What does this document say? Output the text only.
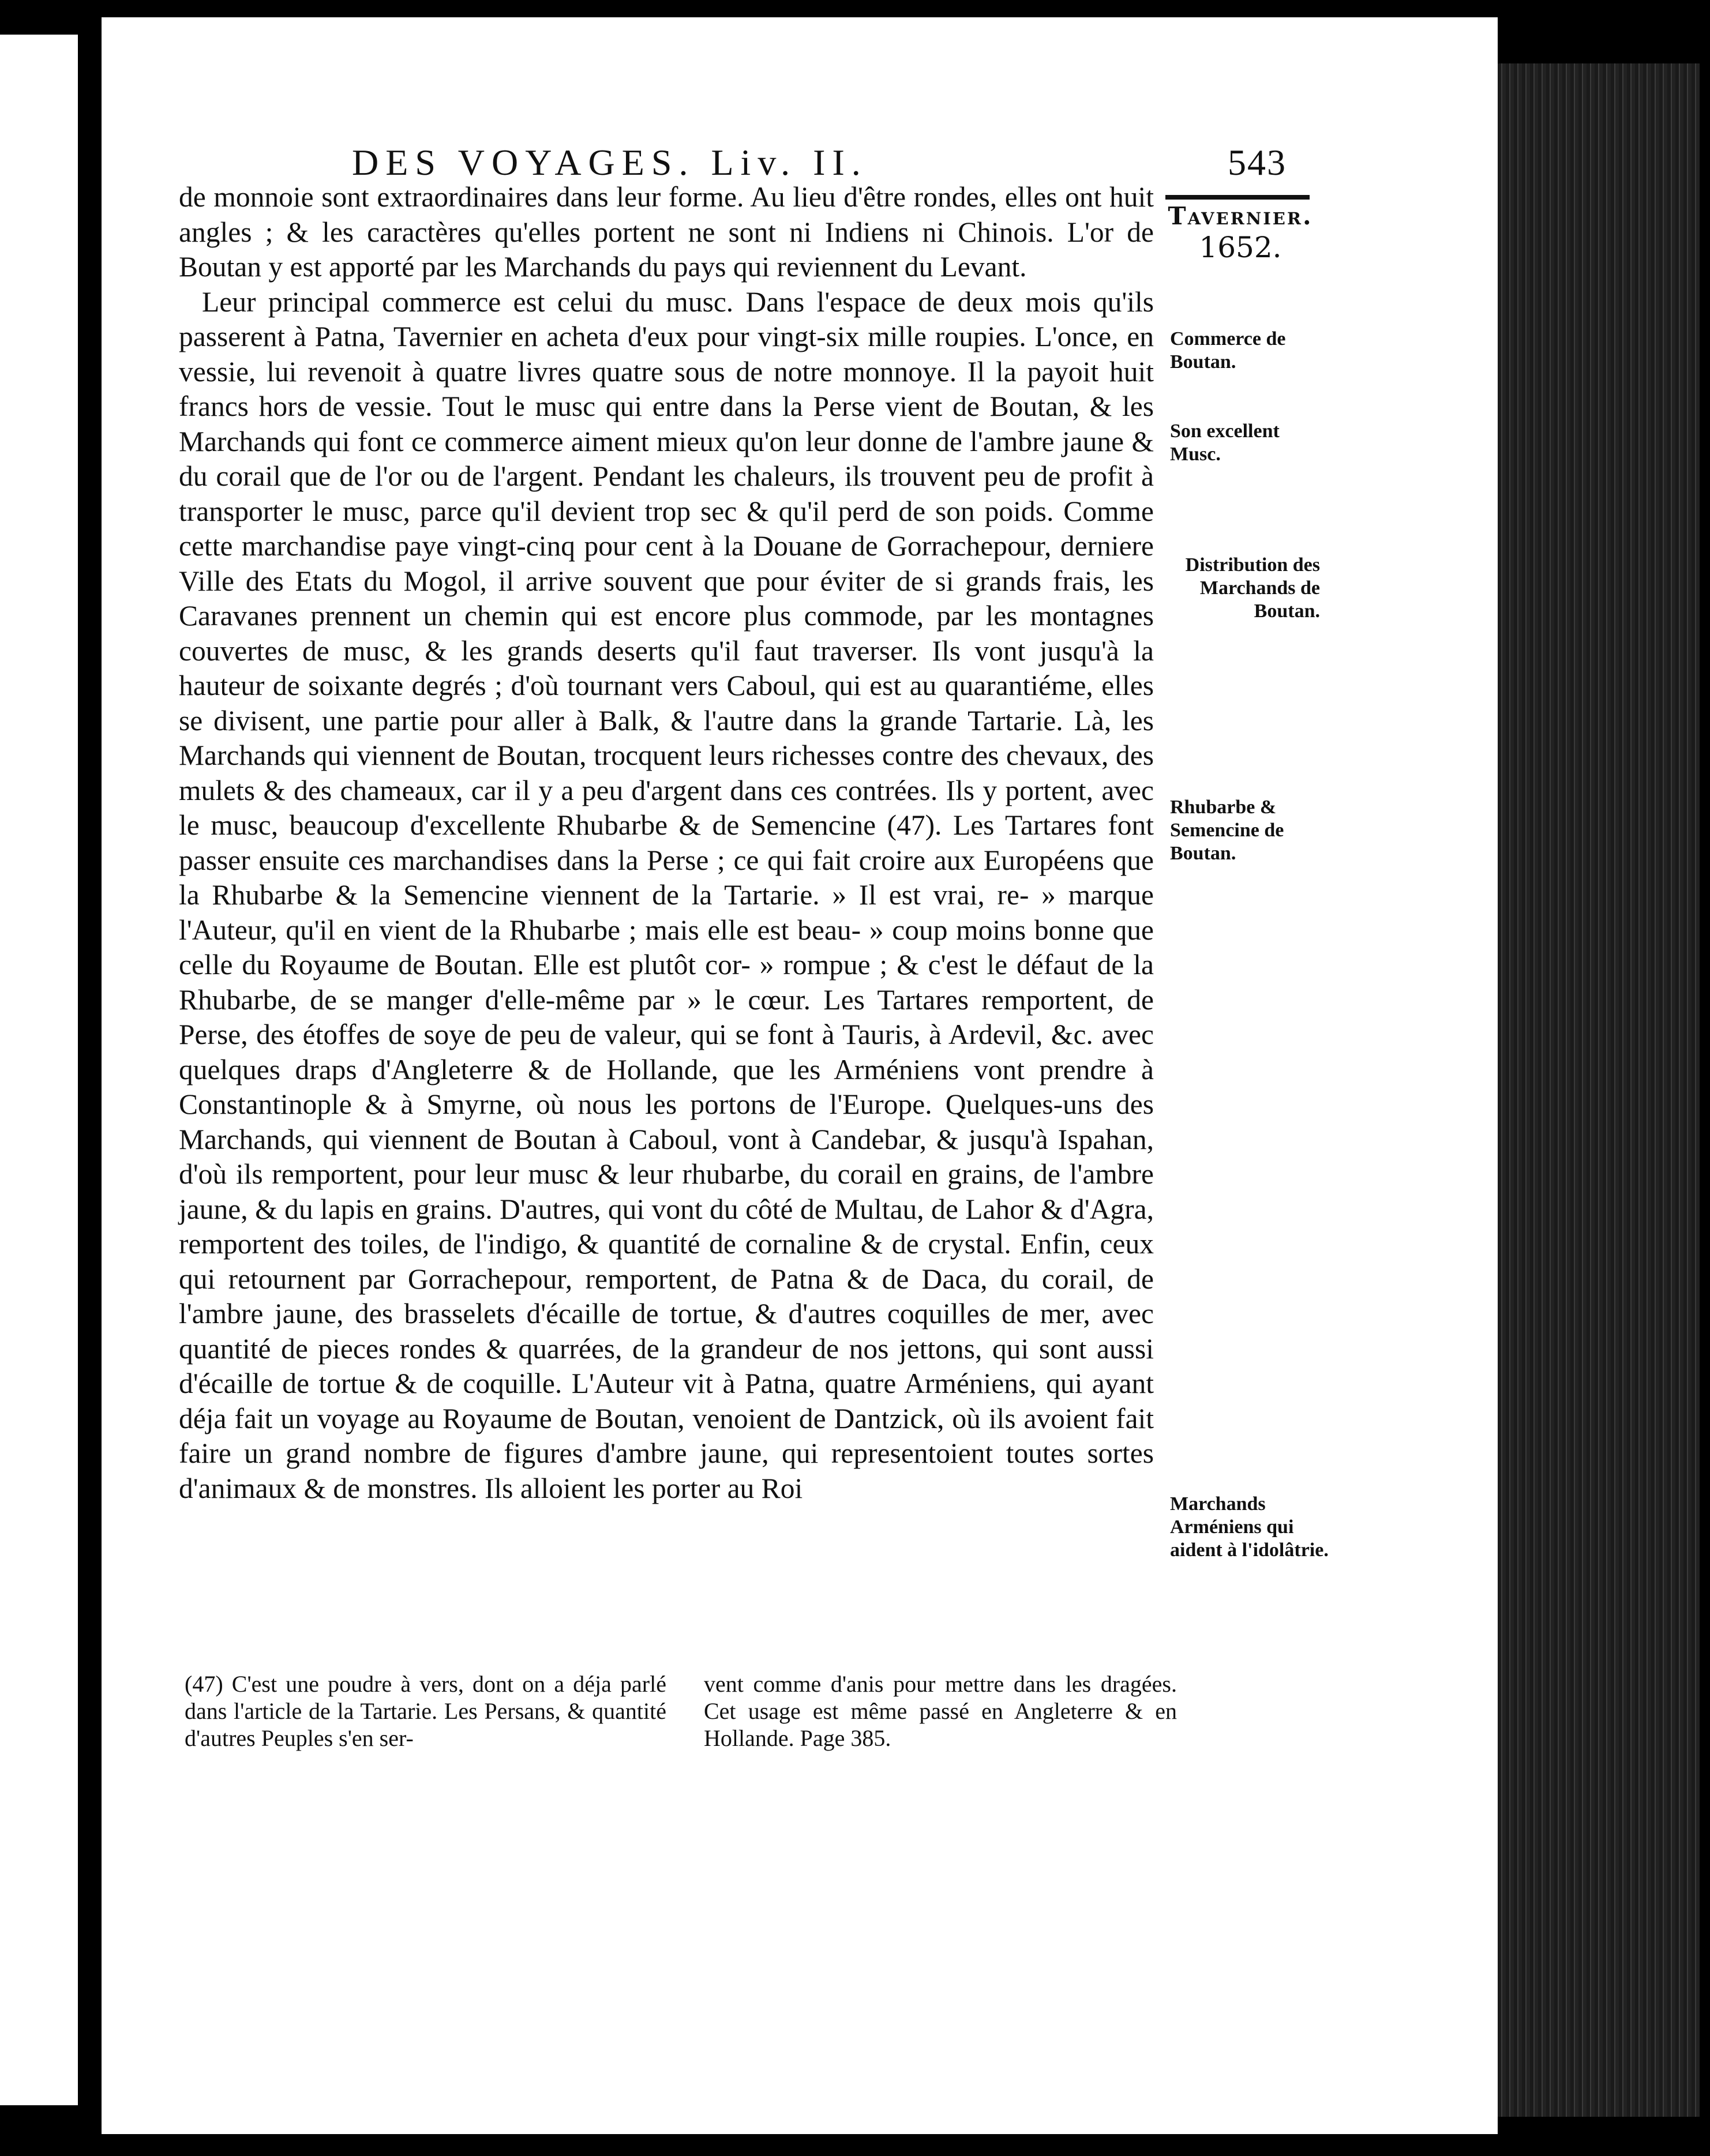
DES VOYAGES. Liv. II.	543
Tavernier.
1652.
Commerce de Boutan.
Son excellent Musc.
Distribution des Marchands de Boutan.
Rhubarbe & Semencine de Boutan.
Marchands Arméniens qui aident à l'idolâtrie.

de monnoie sont extraordinaires dans leur forme. Au lieu d'être rondes, elles ont huit angles ; & les caractères qu'elles portent ne sont ni Indiens ni Chinois. L'or de Boutan y est apporté par les Marchands du pays qui reviennent du Levant.

Leur principal commerce est celui du musc. Dans l'espace de deux mois qu'ils passerent à Patna, Tavernier en acheta d'eux pour vingt-six mille roupies. L'once, en vessie, lui revenoit à quatre livres quatre sous de notre monnoye. Il la payoit huit francs hors de vessie. Tout le musc qui entre dans la Perse vient de Boutan, & les Marchands qui font ce commerce aiment mieux qu'on leur donne de l'ambre jaune & du corail que de l'or ou de l'argent. Pendant les chaleurs, ils trouvent peu de profit à transporter le musc, parce qu'il devient trop sec & qu'il perd de son poids. Comme cette marchandise paye vingt-cinq pour cent à la Douane de Gorrachepour, derniere Ville des Etats du Mogol, il arrive souvent que pour éviter de si grands frais, les Caravanes prennent un chemin qui est encore plus commode, par les montagnes couvertes de musc, & les grands deserts qu'il faut traverser. Ils vont jusqu'à la hauteur de soixante degrés ; d'où tournant vers Caboul, qui est au quarantiéme, elles se divisent, une partie pour aller à Balk, & l'autre dans la grande Tartarie. Là, les Marchands qui viennent de Boutan, trocquent leurs richesses contre des chevaux, des mulets & des chameaux, car il y a peu d'argent dans ces contrées. Ils y portent, avec le musc, beaucoup d'excellente Rhubarbe & de Semencine (47). Les Tartares font passer ensuite ces marchandises dans la Perse ; ce qui fait croire aux Européens que la Rhubarbe & la Semencine viennent de la Tartarie. » Il est vrai, re- » marque l'Auteur, qu'il en vient de la Rhubarbe ; mais elle est beau- » coup moins bonne que celle du Royaume de Boutan. Elle est plutôt cor- » rompue ; & c'est le défaut de la Rhubarbe, de se manger d'elle-même par » le cœur. Les Tartares remportent, de Perse, des étoffes de soye de peu de valeur, qui se font à Tauris, à Ardevil, &c. avec quelques draps d'Angleterre & de Hollande, que les Arméniens vont prendre à Constantinople & à Smyrne, où nous les portons de l'Europe. Quelques-uns des Marchands, qui viennent de Boutan à Caboul, vont à Candebar, & jusqu'à Ispahan, d'où ils remportent, pour leur musc & leur rhubarbe, du corail en grains, de l'ambre jaune, & du lapis en grains. D'autres, qui vont du côté de Multau, de Lahor & d'Agra, remportent des toiles, de l'indigo, & quantité de cornaline & de crystal. Enfin, ceux qui retournent par Gorrachepour, remportent, de Patna & de Daca, du corail, de l'ambre jaune, des brasselets d'écaille de tortue, & d'autres coquilles de mer, avec quantité de pieces rondes & quarrées, de la grandeur de nos jettons, qui sont aussi d'écaille de tortue & de coquille. L'Auteur vit à Patna, quatre Arméniens, qui ayant déja fait un voyage au Royaume de Boutan, venoient de Dantzick, où ils avoient fait faire un grand nombre de figures d'ambre jaune, qui representoient toutes sortes d'animaux & de monstres. Ils alloient les porter au Roi

(47) C'est une poudre à vers, dont on a déja parlé dans l'article de la Tartarie. Les Persans, & quantité d'autres Peuples s'en ser-
vent comme d'anis pour mettre dans les dragées. Cet usage est même passé en Angleterre & en Hollande. Page 385.
